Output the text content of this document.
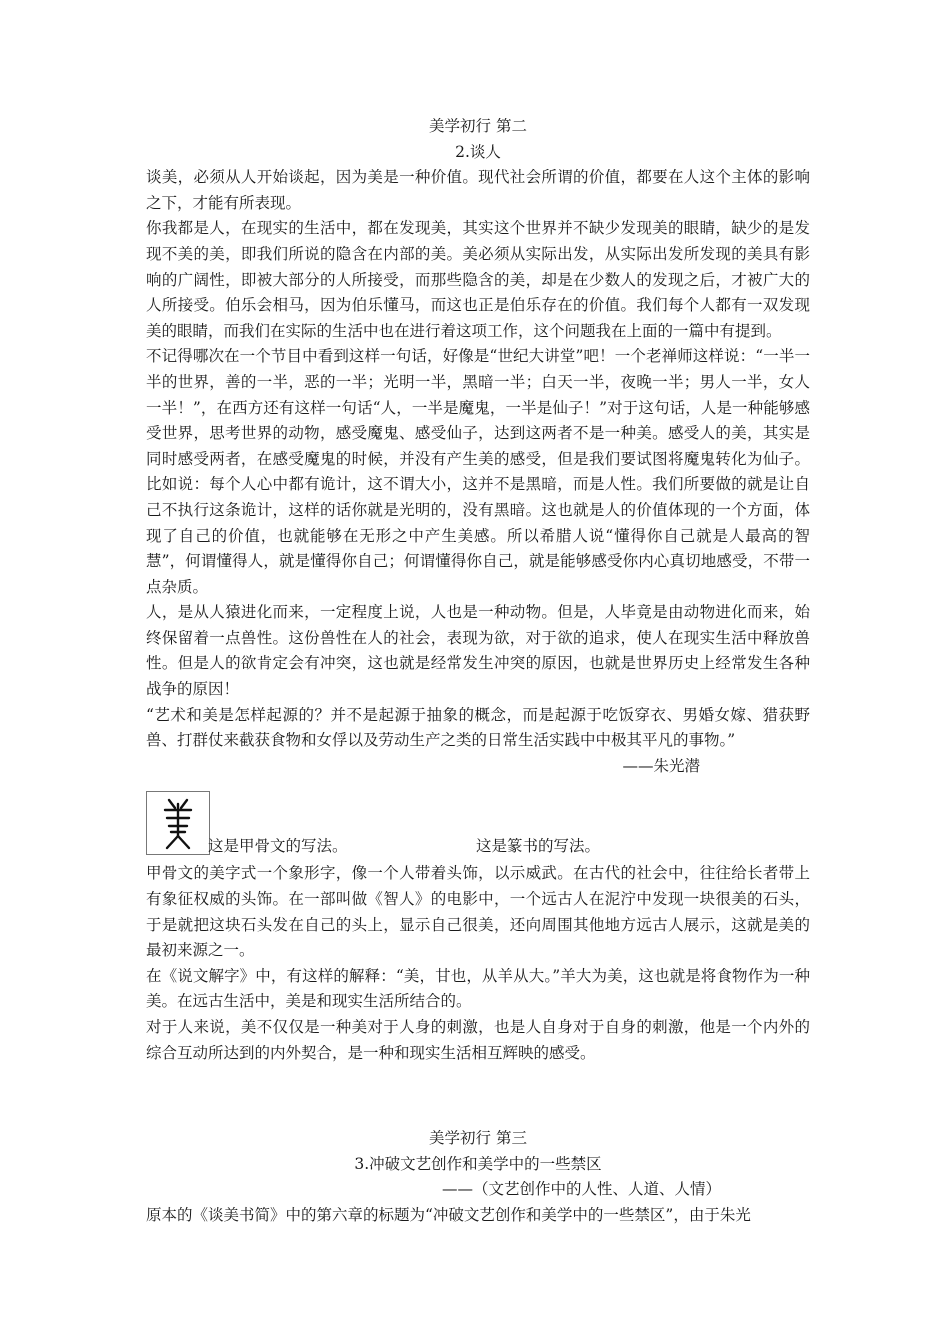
美学初行 第二
2.谈人

谈美，必须从人开始谈起，因为美是一种价值。现代社会所谓的价值，都要在人这个主体的影响之下，才能有所表现。

你我都是人，在现实的生活中，都在发现美，其实这个世界并不缺少发现美的眼睛，缺少的是发现不美的美，即我们所说的隐含在内部的美。美必须从实际出发，从实际出发所发现的美具有影响的广阔性，即被大部分的人所接受，而那些隐含的美，却是在少数人的发现之后，才被广大的人所接受。伯乐会相马，因为伯乐懂马，而这也正是伯乐存在的价值。我们每个人都有一双发现美的眼睛，而我们在实际的生活中也在进行着这项工作，这个问题我在上面的一篇中有提到。

不记得哪次在一个节目中看到这样一句话，好像是“世纪大讲堂”吧！一个老禅师这样说：“一半一半的世界，善的一半，恶的一半；光明一半，黑暗一半；白天一半，夜晚一半；男人一半，女人一半！”，在西方还有这样一句话“人，一半是魔鬼，一半是仙子！”对于这句话，人是一种能够感受世界，思考世界的动物，感受魔鬼、感受仙子，达到这两者不是一种美。感受人的美，其实是同时感受两者，在感受魔鬼的时候，并没有产生美的感受，但是我们要试图将魔鬼转化为仙子。比如说：每个人心中都有诡计，这不谓大小，这并不是黑暗，而是人性。我们所要做的就是让自己不执行这条诡计，这样的话你就是光明的，没有黑暗。这也就是人的价值体现的一个方面，体现了自己的价值，也就能够在无形之中产生美感。所以希腊人说“懂得你自己就是人最高的智慧”，何谓懂得人，就是懂得你自己；何谓懂得你自己，就是能够感受你内心真切地感受，不带一点杂质。

人，是从人猿进化而来，一定程度上说，人也是一种动物。但是，人毕竟是由动物进化而来，始终保留着一点兽性。这份兽性在人的社会，表现为欲，对于欲的追求，使人在现实生活中释放兽性。但是人的欲肯定会有冲突，这也就是经常发生冲突的原因，也就是世界历史上经常发生各种战争的原因！

“艺术和美是怎样起源的？并不是起源于抽象的概念，而是起源于吃饭穿衣、男婚女嫁、猎获野兽、打群仗来截获食物和女俘以及劳动生产之类的日常生活实践中中极其平凡的事物。”

——朱光潜
这是甲骨文的写法。	这是篆书的写法。

甲骨文的美字式一个象形字，像一个人带着头饰，以示威武。在古代的社会中，往往给长者带上有象征权威的头饰。在一部叫做《智人》的电影中，一个远古人在泥泞中发现一块很美的石头，于是就把这块石头发在自己的头上，显示自己很美，还向周围其他地方远古人展示，这就是美的最初来源之一。

在《说文解字》中，有这样的解释：“美，甘也，从羊从大。”羊大为美，这也就是将食物作为一种美。在远古生活中，美是和现实生活所结合的。

对于人来说，美不仅仅是一种美对于人身的刺激，也是人自身对于自身的刺激，他是一个内外的综合互动所达到的内外契合，是一种和现实生活相互辉映的感受。

美学初行 第三
3.冲破文艺创作和美学中的一些禁区
——（文艺创作中的人性、人道、人情）

原本的《谈美书简》中的第六章的标题为“冲破文艺创作和美学中的一些禁区”，由于朱光
